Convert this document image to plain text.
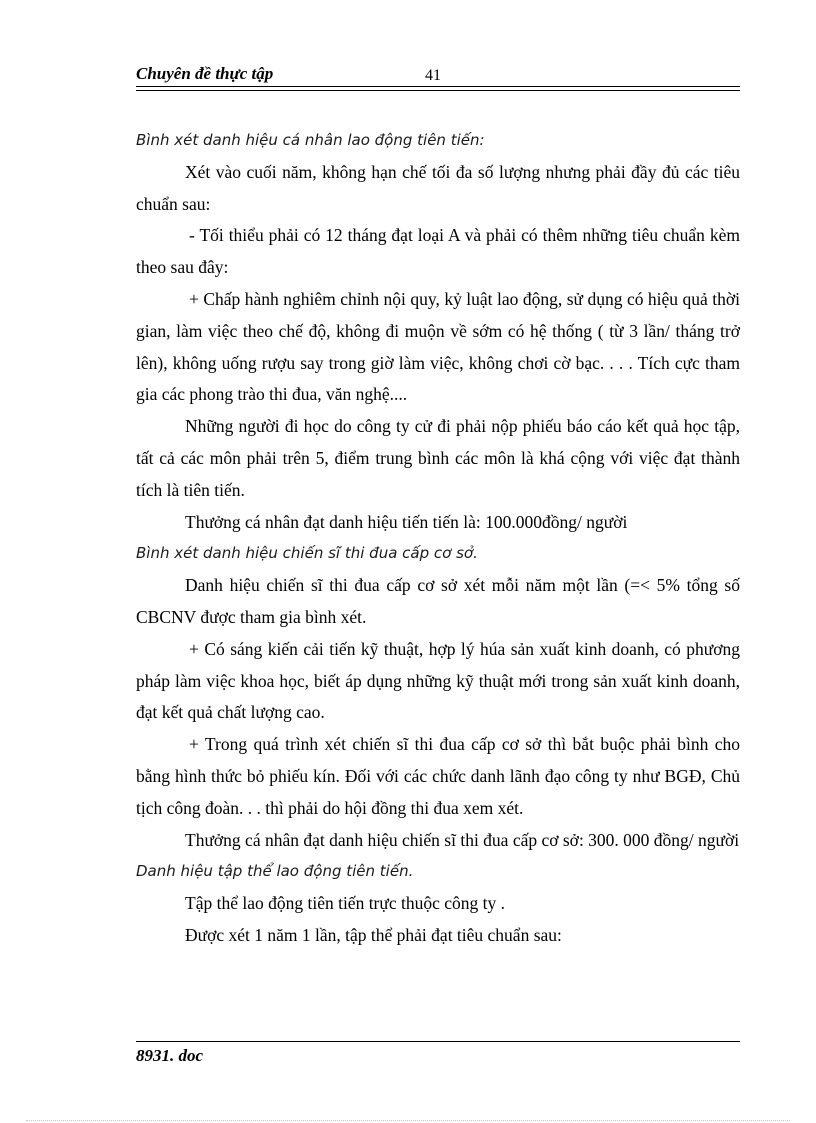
Chuyên đề thực tập	41

Bình xét danh hiệu cá nhân lao động tiên tiến:

Xét vào cuối năm, không hạn chế tối đa số lượng nhưng phải đầy đủ các tiêu chuẩn sau:

- Tối thiểu phải có 12 tháng đạt loại A và phải có thêm những tiêu chuẩn kèm theo sau đây:

+ Chấp hành nghiêm chỉnh nội quy, kỷ luật lao động, sử dụng có hiệu quả thời gian, làm việc theo chế độ, không đi muộn về sớm có hệ thống ( từ 3 lần/ tháng trở lên), không uống rượu say trong giờ làm việc, không chơi cờ bạc. . . . Tích cực tham gia các phong trào thi đua, văn nghệ....

Những người đi học do công ty cử đi phải nộp phiếu báo cáo kết quả học tập, tất cả các môn phải trên 5, điểm trung bình các môn là khá cộng với việc đạt thành tích là tiên tiến.

Thưởng cá nhân đạt danh hiệu tiến tiến là: 100.000đồng/ người

Bình xét danh hiệu chiến sĩ thi đua cấp cơ sở.

Danh hiệu chiến sĩ thi đua cấp cơ sở xét mỗi năm một lần (=< 5% tổng số CBCNV được tham gia bình xét.

+ Có sáng kiến cải tiến kỹ thuật, hợp lý húa sản xuất kinh doanh, có phương pháp làm việc khoa học, biết áp dụng những kỹ thuật mới trong sản xuất kinh doanh, đạt kết quả chất lượng cao.

+ Trong quá trình xét chiến sĩ thi đua cấp cơ sở thì bắt buộc phải bình cho bằng hình thức bỏ phiếu kín. Đối với các chức danh lãnh đạo công ty như BGĐ, Chủ tịch công đoàn. . . thì phải do hội đồng thi đua xem xét.

Thưởng cá nhân đạt danh hiệu chiến sĩ thi đua cấp cơ sở: 300. 000 đồng/ người

Danh hiệu tập thể lao động tiên tiến.

Tập thể lao động tiên tiến trực thuộc công ty .

Được xét 1 năm 1 lần, tập thể phải đạt tiêu chuẩn sau:

8931. doc
